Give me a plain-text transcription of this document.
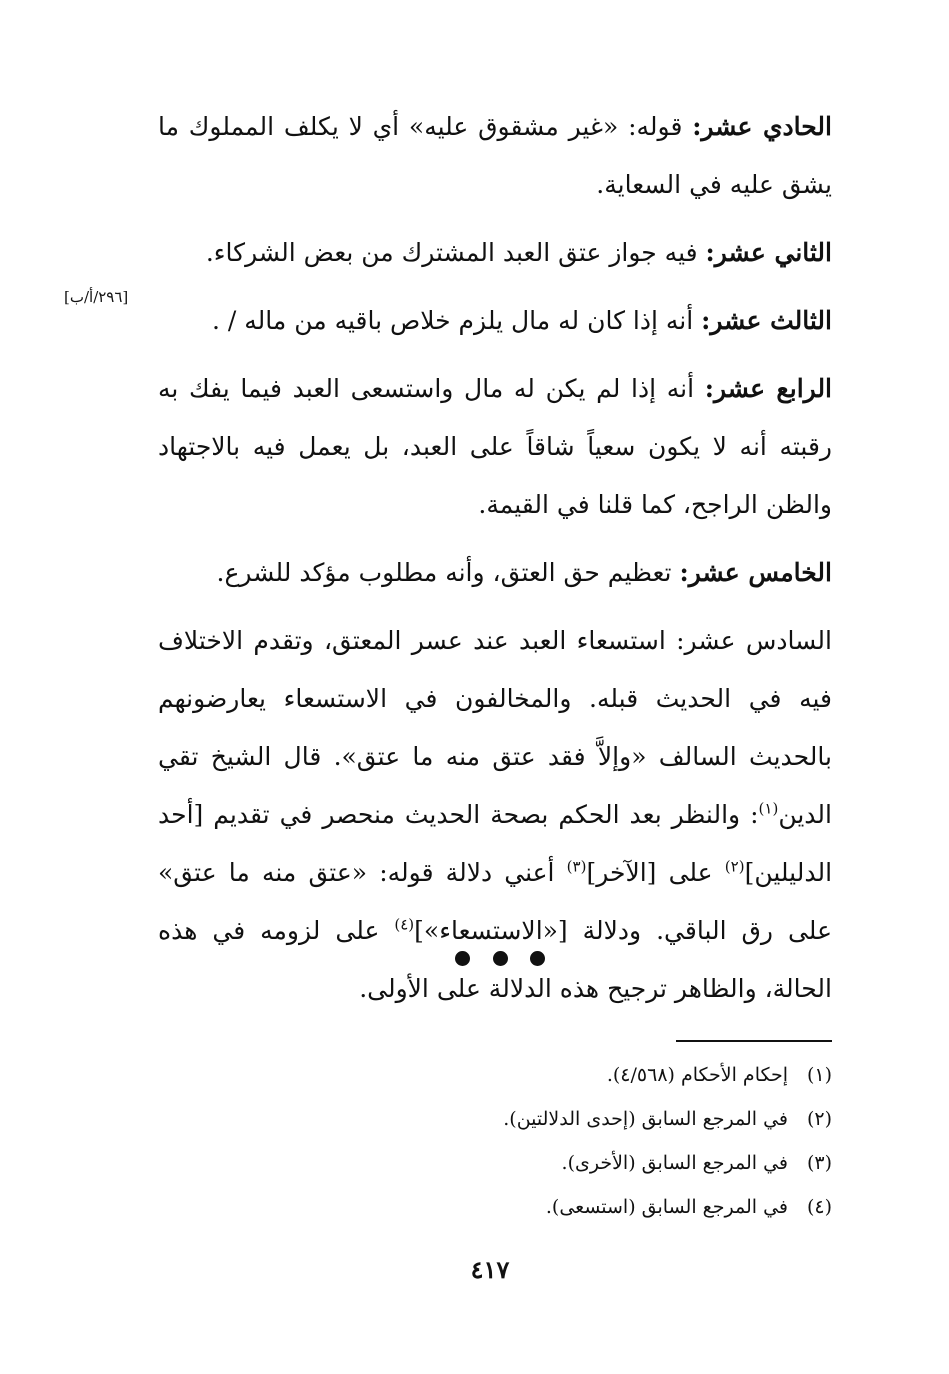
الحادي عشر: قوله: «غير مشقوق عليه» أي لا يكلف المملوك ما يشق عليه في السعاية.

الثاني عشر: فيه جواز عتق العبد المشترك من بعض الشركاء.

الثالث عشر: أنه إذا كان له مال يلزم خلاص باقيه من ماله / .

الرابع عشر: أنه إذا لم يكن له مال واستسعى العبد فيما يفك به رقبته أنه لا يكون سعياً شاقاً على العبد، بل يعمل فيه بالاجتهاد والظن الراجح، كما قلنا في القيمة.

الخامس عشر: تعظيم حق العتق، وأنه مطلوب مؤكد للشرع.

السادس عشر: استسعاء العبد عند عسر المعتق، وتقدم الاختلاف فيه في الحديث قبله. والمخالفون في الاستسعاء يعارضونهم بالحديث السالف «وإلاَّ فقد عتق منه ما عتق». قال الشيخ تقي الدين$^{(١)}$: والنظر بعد الحكم بصحة الحديث منحصر في تقديم [أحد الدليلين]$^{(٢)}$ على [الآخر]$^{(٣)}$ أعني دلالة قوله: «عتق منه ما عتق» على رق الباقي. ودلالة [«الاستسعاء»]$^{(٤)}$ على لزومه في هذه الحالة، والظاهر ترجيح هذه الدلالة على الأولى.

[٢٩٦/أ/ب]
(١)إحكام الأحكام (٤/٥٦٨).
(٢)في المرجع السابق (إحدى الدلالتين).
(٣)في المرجع السابق (الأخرى).
(٤)في المرجع السابق (استسعى).
٤١٧
